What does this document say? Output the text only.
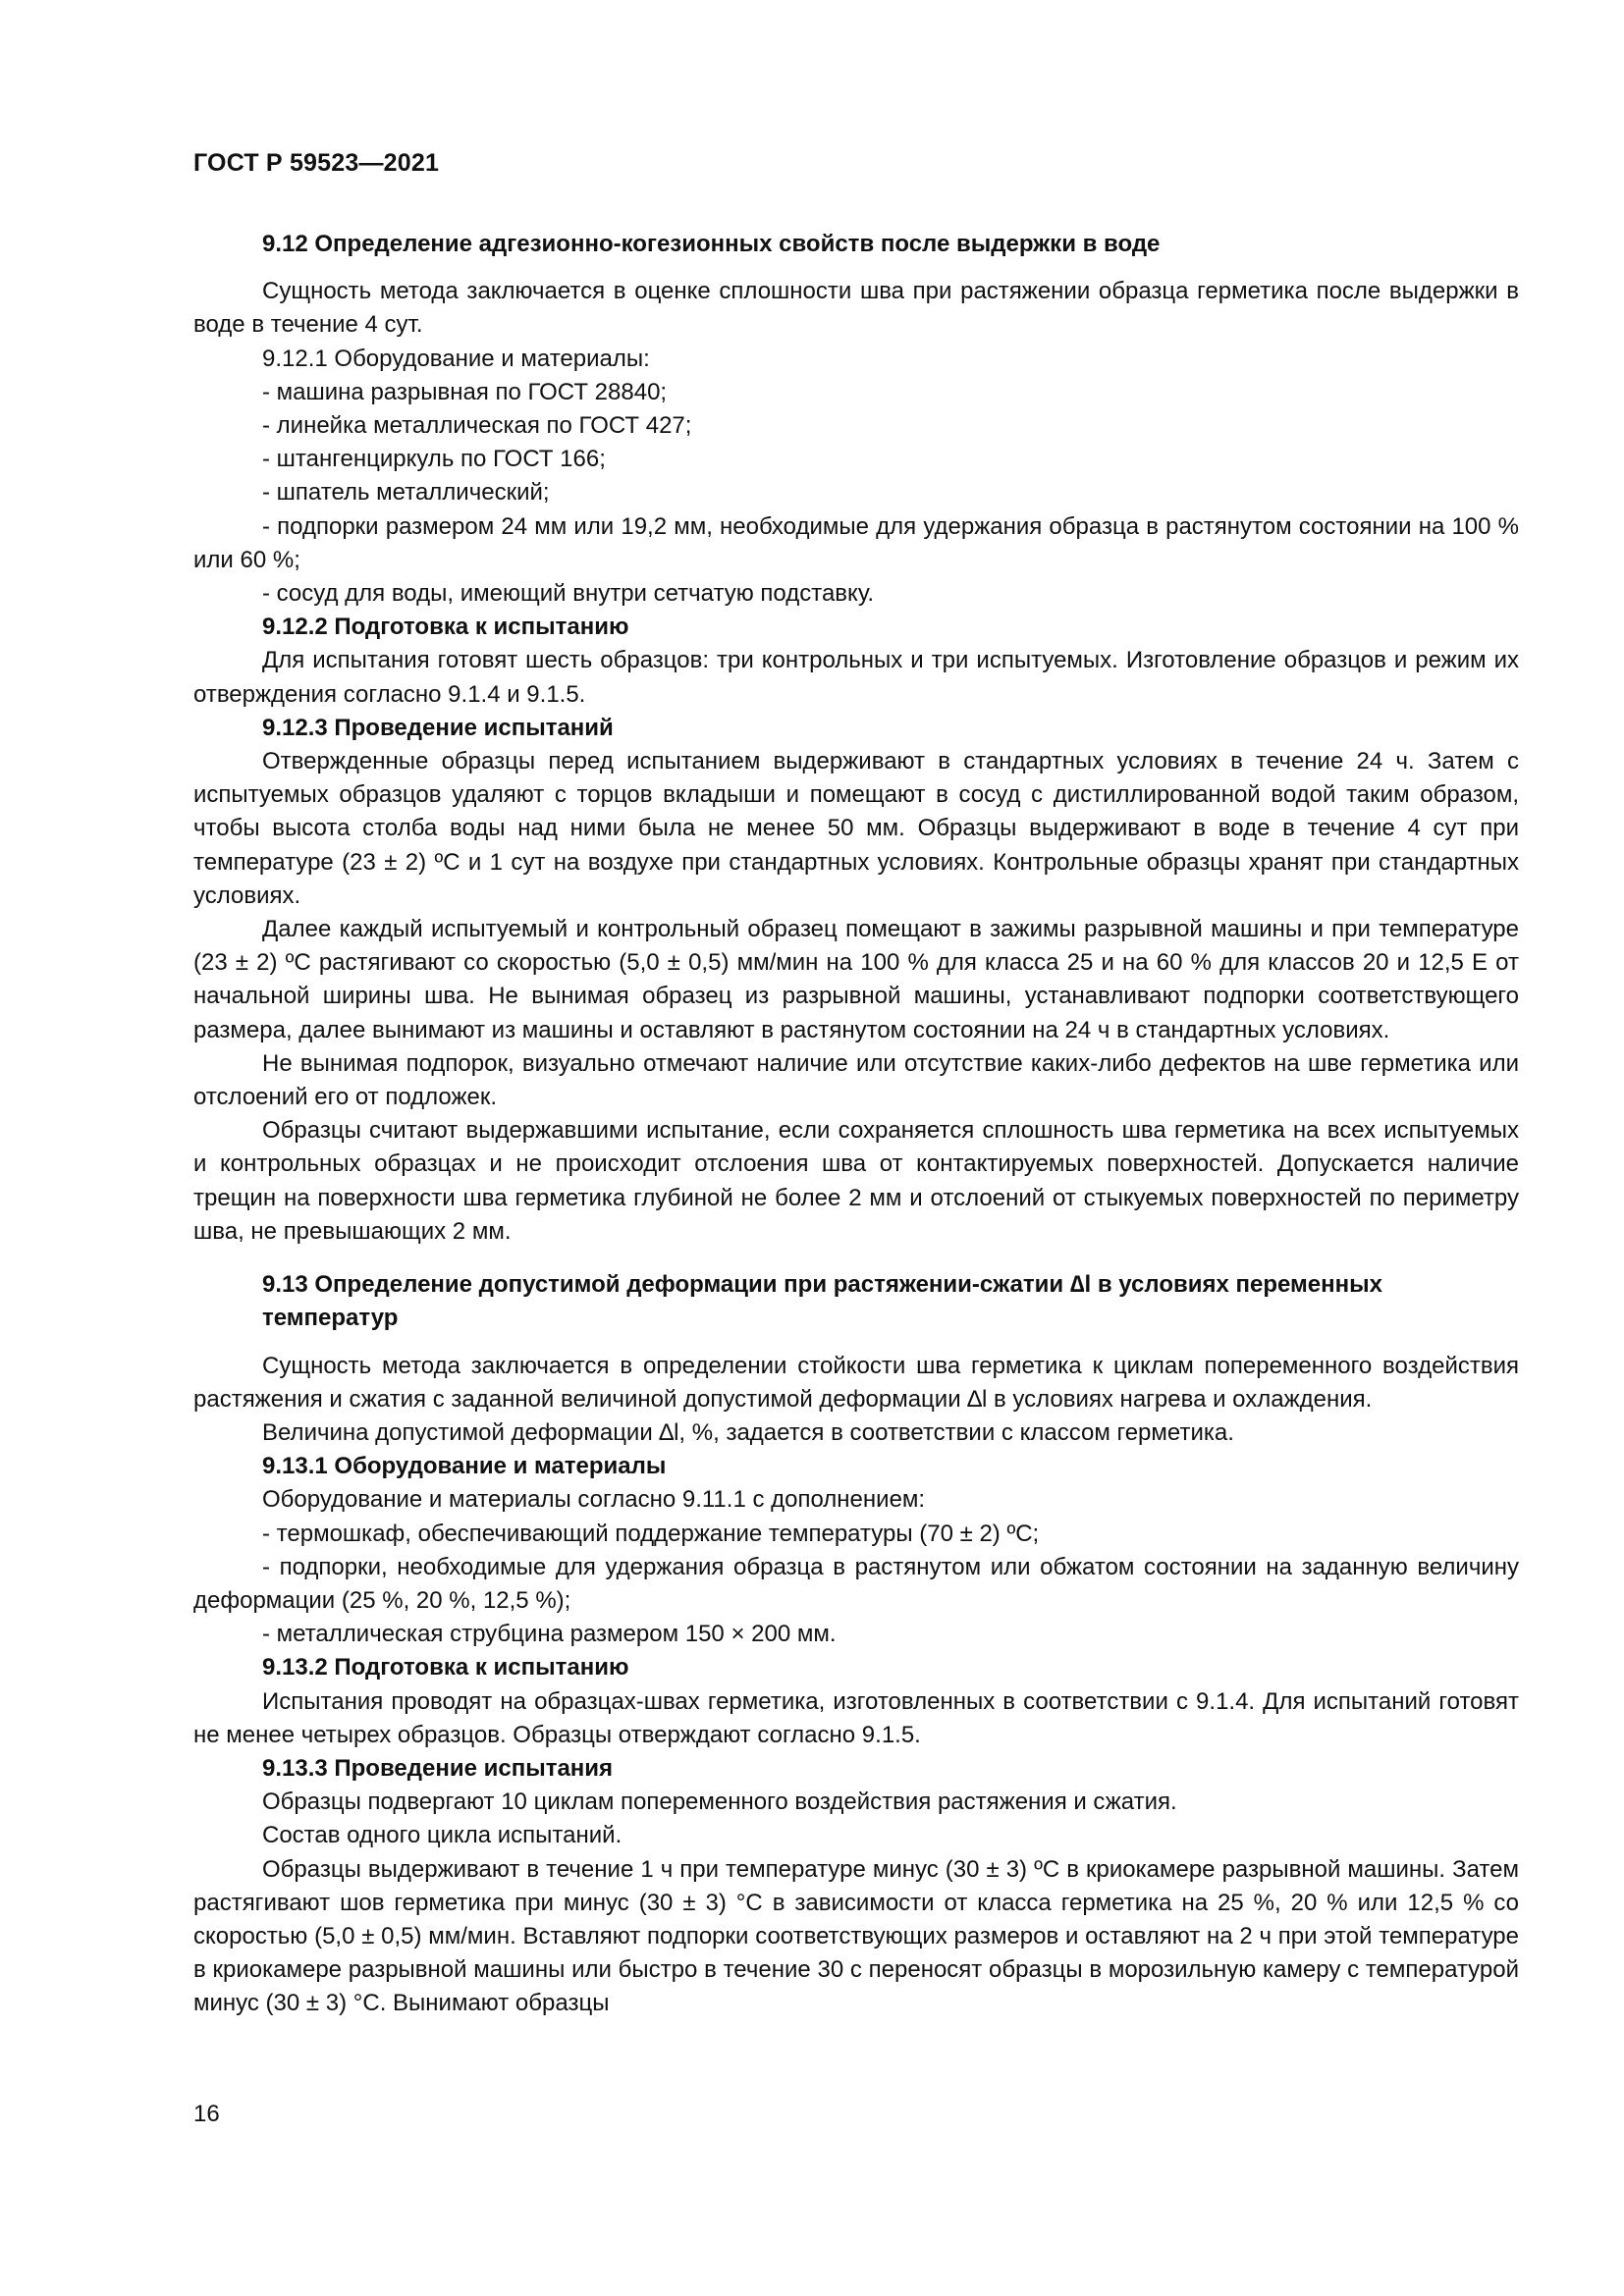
ГОСТ Р 59523—2021

9.12 Определение адгезионно-когезионных свойств после выдержки в воде

Сущность метода заключается в оценке сплошности шва при растяжении образца герметика после выдержки в воде в течение 4 сут.

9.12.1 Оборудование и материалы:

- машина разрывная по ГОСТ 28840;

- линейка металлическая по ГОСТ 427;

- штангенциркуль по ГОСТ 166;

- шпатель металлический;

- подпорки размером 24 мм или 19,2 мм, необходимые для удержания образца в растянутом состоянии на 100 % или 60 %;

- сосуд для воды, имеющий внутри сетчатую подставку.

9.12.2 Подготовка к испытанию

Для испытания готовят шесть образцов: три контрольных и три испытуемых. Изготовление образцов и режим их отверждения согласно 9.1.4 и 9.1.5.

9.12.3 Проведение испытаний

Отвержденные образцы перед испытанием выдерживают в стандартных условиях в течение 24 ч. Затем с испытуемых образцов удаляют с торцов вкладыши и помещают в сосуд с дистиллированной водой таким образом, чтобы высота столба воды над ними была не менее 50 мм. Образцы выдерживают в воде в течение 4 сут при температуре (23 ± 2) ºС и 1 сут на воздухе при стандартных условиях. Контрольные образцы хранят при стандартных условиях.

Далее каждый испытуемый и контрольный образец помещают в зажимы разрывной машины и при температуре (23 ± 2) ºС растягивают со скоростью (5,0 ± 0,5) мм/мин на 100 % для класса 25 и на 60 % для классов 20 и 12,5 Е от начальной ширины шва. Не вынимая образец из разрывной машины, устанавливают подпорки соответствующего размера, далее вынимают из машины и оставляют в растянутом состоянии на 24 ч в стандартных условиях.

Не вынимая подпорок, визуально отмечают наличие или отсутствие каких-либо дефектов на шве герметика или отслоений его от подложек.

Образцы считают выдержавшими испытание, если сохраняется сплошность шва герметика на всех испытуемых и контрольных образцах и не происходит отслоения шва от контактируемых поверхностей. Допускается наличие трещин на поверхности шва герметика глубиной не более 2 мм и отслоений от стыкуемых поверхностей по периметру шва, не превышающих 2 мм.

9.13 Определение допустимой деформации при растяжении-сжатии ∆l в условиях переменных температур

Сущность метода заключается в определении стойкости шва герметика к циклам попеременного воздействия растяжения и сжатия с заданной величиной допустимой деформации ∆l в условиях нагрева и охлаждения.

Величина допустимой деформации ∆l, %, задается в соответствии с классом герметика.

9.13.1 Оборудование и материалы

Оборудование и материалы согласно 9.11.1 с дополнением:

- термошкаф, обеспечивающий поддержание температуры (70 ± 2) ºС;

- подпорки, необходимые для удержания образца в растянутом или обжатом состоянии на заданную величину деформации (25 %, 20 %, 12,5 %);

- металлическая струбцина размером 150 × 200 мм.

9.13.2 Подготовка к испытанию

Испытания проводят на образцах-швах герметика, изготовленных в соответствии с 9.1.4. Для испытаний готовят не менее четырех образцов. Образцы отверждают согласно 9.1.5.

9.13.3 Проведение испытания

Образцы подвергают 10 циклам попеременного воздействия растяжения и сжатия.

Состав одного цикла испытаний.

Образцы выдерживают в течение 1 ч при температуре минус (30 ± 3) ºС в криокамере разрывной машины. Затем растягивают шов герметика при минус (30 ± 3) °С в зависимости от класса герметика на 25 %, 20 % или 12,5 % со скоростью (5,0 ± 0,5) мм/мин. Вставляют подпорки соответствующих размеров и оставляют на 2 ч при этой температуре в криокамере разрывной машины или быстро в течение 30 с переносят образцы в морозильную камеру с температурой минус (30 ± 3) °С. Вынимают образцы

16
